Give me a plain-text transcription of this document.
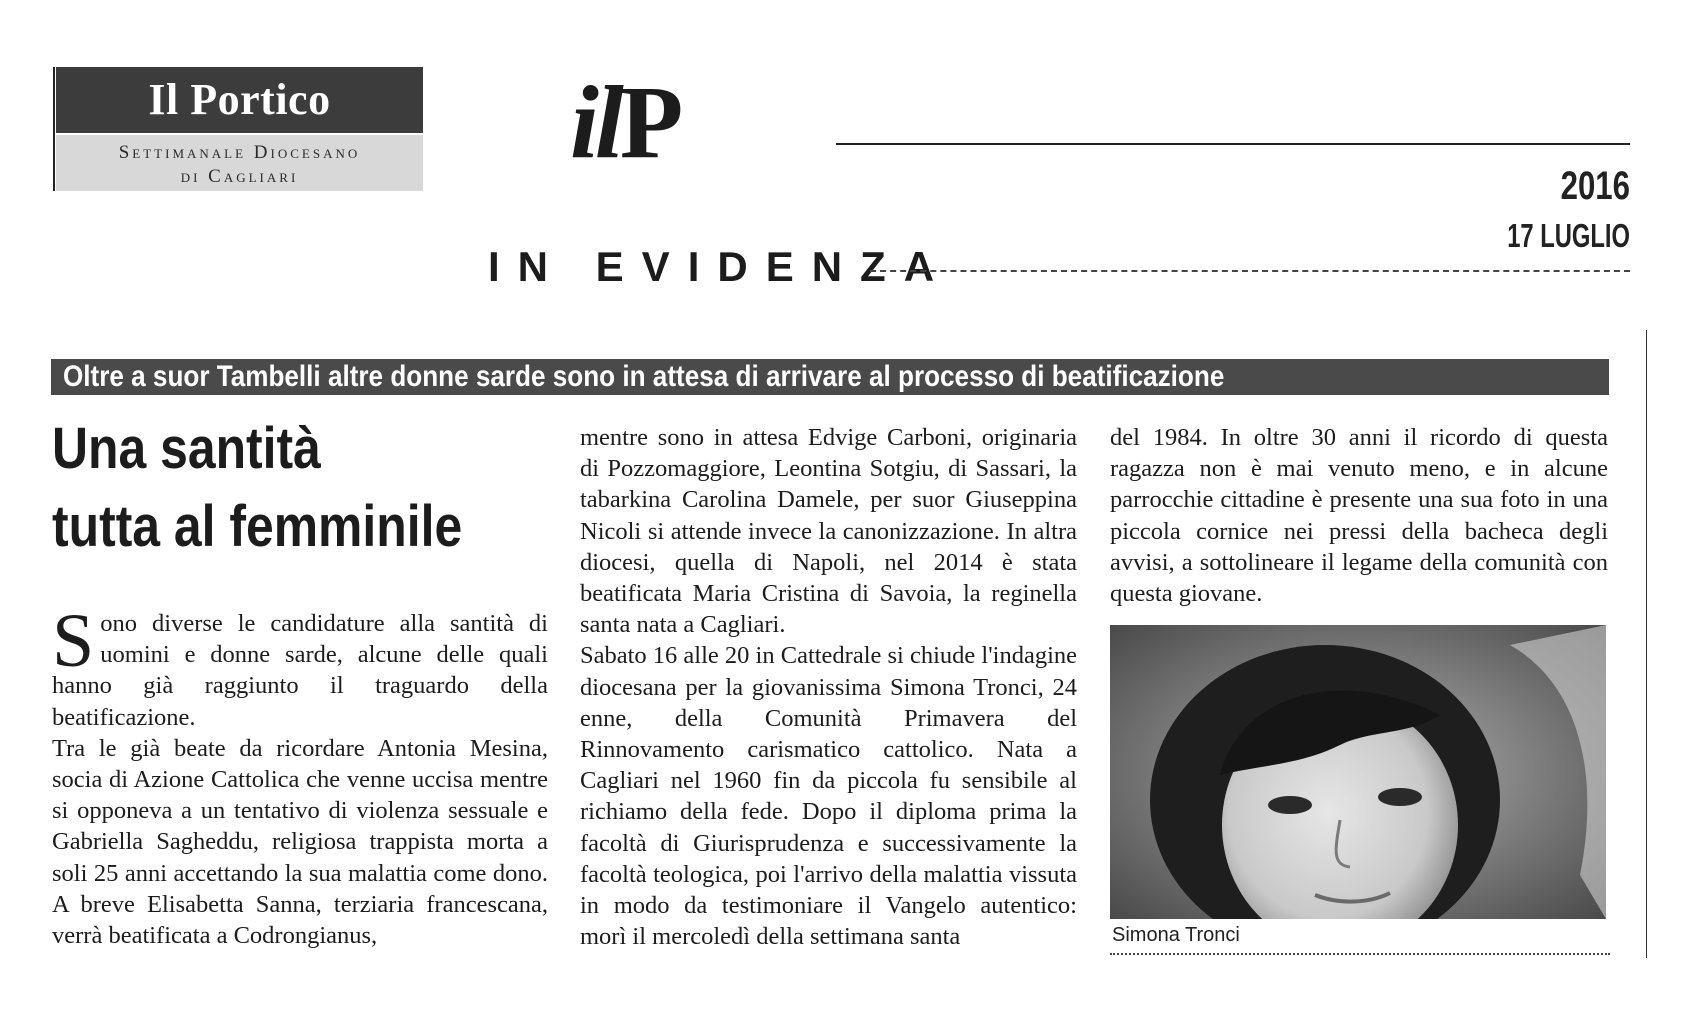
Il Portico
Settimanale Diocesano
di Cagliari	ilP
2016
17 LUGLIO
IN EVIDENZA
Oltre a suor Tambelli altre donne sarde sono in attesa di arrivare al processo di beatificazione
Una santità
tutta al femminile

Sono diverse le candidature alla santità di uomini e donne sarde, alcune delle quali hanno già raggiunto il traguardo della beatificazione.

Tra le già beate da ricordare Antonia Mesina, socia di Azione Cattolica che venne uccisa mentre si opponeva a un tentativo di violenza sessuale e Gabriella Sagheddu, religiosa trappista morta a soli 25 anni accettando la sua malattia come dono. A breve Elisabetta Sanna, terziaria francescana, verrà beatificata a Codrongianus,

mentre sono in attesa Edvige Carboni, originaria di Pozzomaggiore, Leontina Sotgiu, di Sassari, la tabarkina Carolina Damele, per suor Giuseppina Nicoli si attende invece la canonizzazione. In altra diocesi, quella di Napoli, nel 2014 è stata beatificata Maria Cristina di Savoia, la reginella santa nata a Cagliari.

Sabato 16 alle 20 in Cattedrale si chiude l'indagine diocesana per la giovanissima Simona Tronci, 24 enne, della Comunità Primavera del Rinnovamento carismatico cattolico. Nata a Cagliari nel 1960 fin da piccola fu sensibile al richiamo della fede. Dopo il diploma prima la facoltà di Giurisprudenza e successivamente la facoltà teologica, poi l'arrivo della malattia vissuta in modo da testimoniare il Vangelo autentico: morì il mercoledì della settimana santa

del 1984. In oltre 30 anni il ricordo di questa ragazza non è mai venuto meno, e in alcune parrocchie cittadine è presente una sua foto in una piccola cornice nei pressi della bacheca degli avvisi, a sottolineare il legame della comunità con questa giovane.

Simona Tronci
